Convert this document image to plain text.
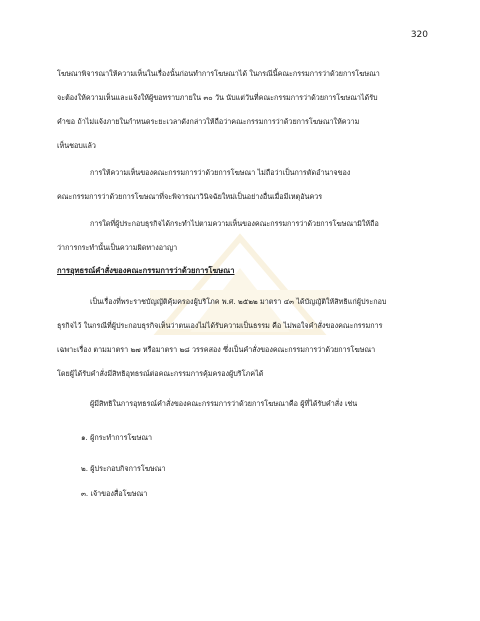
320
โฆษณาพิจารณาให้ความเห็นในเรื่องนั้นก่อนทำการโฆษณาได้ ในกรณีนี้คณะกรรมการว่าด้วยการโฆษณา
จะต้องให้ความเห็นและแจ้งให้ผู้ขอทราบภายใน ๓๐ วัน นับแต่วันที่คณะกรรมการว่าด้วยการโฆษณาได้รับ
คำขอ ถ้าไม่แจ้งภายในกำหนดระยะเวลาดังกล่าวให้ถือว่าคณะกรรมการว่าด้วยการโฆษณาให้ความ
เห็นชอบแล้ว
การให้ความเห็นของคณะกรรมการว่าด้วยการโฆษณา ไม่ถือว่าเป็นการตัดอำนาจของ
คณะกรรมการว่าด้วยการโฆษณาที่จะพิจารณาวินิจฉัยใหม่เป็นอย่างอื่นเมื่อมีเหตุอันควร
การใดที่ผู้ประกอบธุรกิจได้กระทำไปตามความเห็นของคณะกรรมการว่าด้วยการโฆษณามิให้ถือ
ว่าการกระทำนั้นเป็นความผิดทางอาญา
การอุทธรณ์คำสั่งของคณะกรรมการว่าด้วยการโฆษณา
เป็นเรื่องที่พระราชบัญญัติคุ้มครองผู้บริโภค พ.ศ. ๒๕๒๒ มาตรา ๔๓ ได้บัญญัติให้สิทธิแก่ผู้ประกอบ
ธุรกิจไว้ ในกรณีที่ผู้ประกอบธุรกิจเห็นว่าตนเองไม่ได้รับความเป็นธรรม คือ ไม่พอใจคำสั่งของคณะกรรมการ
เฉพาะเรื่อง ตามมาตรา ๒๗ หรือมาตรา ๒๘ วรรคสอง ซึ่งเป็นคำสั่งของคณะกรรมการว่าด้วยการโฆษณา
โดยผู้ได้รับคำสั่งมีสิทธิอุทธรณ์ต่อคณะกรรมการคุ้มครองผู้บริโภคได้
ผู้มีสิทธิในการอุทธรณ์คำสั่งของคณะกรรมการว่าด้วยการโฆษณาคือ ผู้ที่ได้รับคำสั่ง เช่น
๑. ผู้กระทำการโฆษณา
๒. ผู้ประกอบกิจการโฆษณา
๓. เจ้าของสื่อโฆษณา
